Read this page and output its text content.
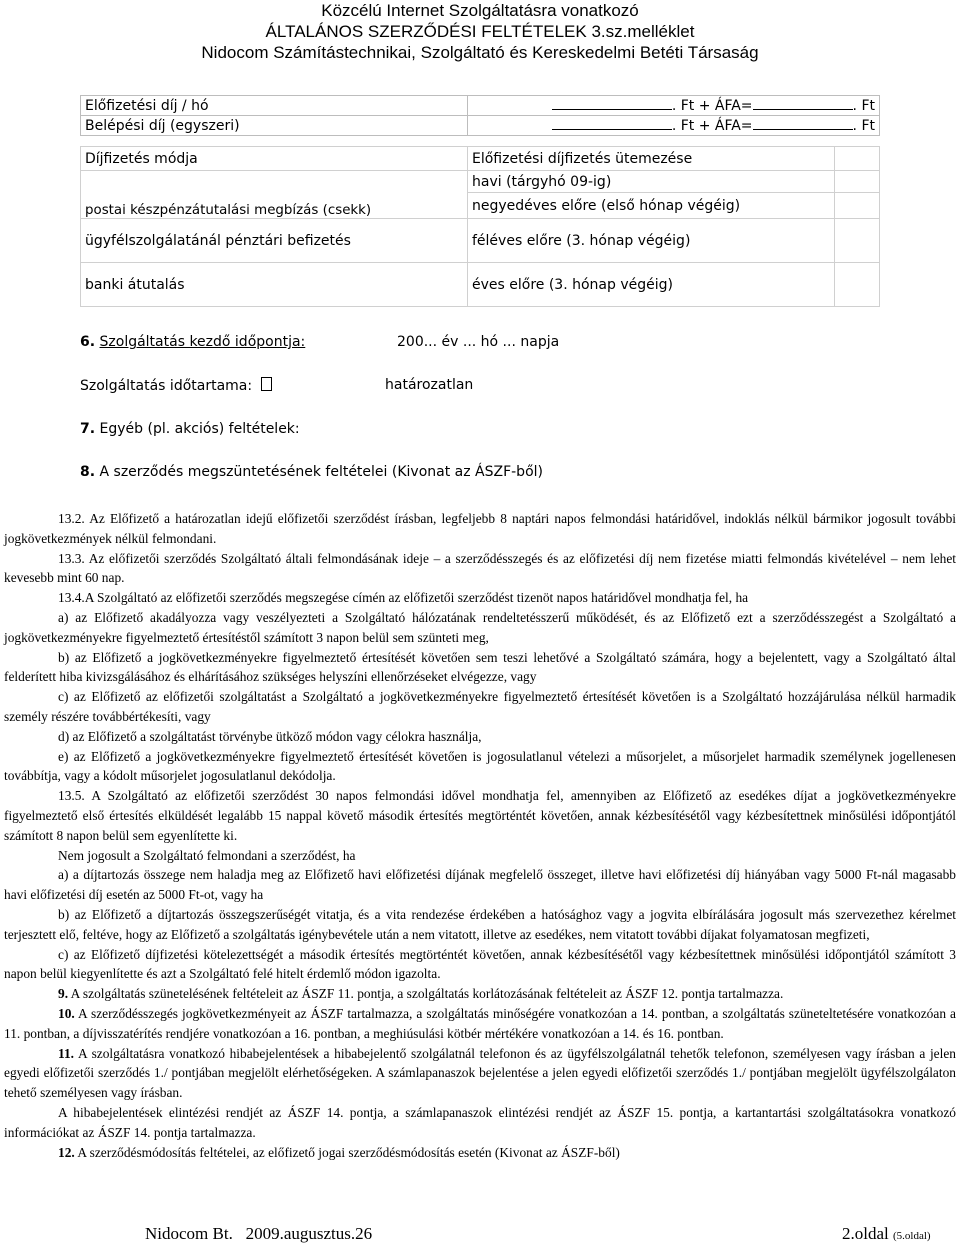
Közcélú Internet Szolgáltatásra vonatkozó
ÁLTALÁNOS SZERZŐDÉSI FELTÉTELEK 3.sz.melléklet
Nidocom Számítástechnikai, Szolgáltató és Kereskedelmi Betéti Társaság
Előfizetési díj / hó	. Ft + ÁFA= . Ft
Belépési díj (egyszeri)	. Ft + ÁFA= . Ft
Díjfizetés módja	Előfizetési díjfizetés ütemezése	
postai készpénzátutalási megbízás (csekk)	havi (tárgyhó 09-ig)	
	negyedéves előre (első hónap végéig)	
ügyfélszolgálatánál pénztári befizetés	féléves előre (3. hónap végéig)	
banki átutalás	éves előre (3. hónap végéig)	
6. Szolgáltatás kezdő időpontja:	200... év ... hó ... napja
Szolgáltatás időtartama:	határozatlan
7. Egyéb (pl. akciós) feltételek:
8. A szerződés megszüntetésének feltételei (Kivonat az ÁSZF-ből)

13.2. Az Előfizető a határozatlan idejű előfizetői szerződést írásban, legfeljebb 8 naptári napos felmondási határidővel, indoklás nélkül bármikor jogosult további jogkövetkezmények nélkül felmondani.

13.3. Az előfizetői szerződés Szolgáltató általi felmondásának ideje – a szerződésszegés és az előfizetési díj nem fizetése miatti felmondás kivételével – nem lehet kevesebb mint 60 nap.

13.4.A Szolgáltató az előfizetői szerződés megszegése címén az előfizetői szerződést tizenöt napos határidővel mondhatja fel, ha

a) az Előfizető akadályozza vagy veszélyezteti a Szolgáltató hálózatának rendeltetésszerű működését, és az Előfizető ezt a szerződésszegést a Szolgáltató a jogkövetkezményekre figyelmeztető értesítéstől számított 3 napon belül sem szünteti meg,

b) az Előfizető a jogkövetkezményekre figyelmeztető értesítését követően sem teszi lehetővé a Szolgáltató számára, hogy a bejelentett, vagy a Szolgáltató által felderített hiba kivizsgálásához és elhárításához szükséges helyszíni ellenőrzéseket elvégezze, vagy

c) az Előfizető az előfizetői szolgáltatást a Szolgáltató a jogkövetkezményekre figyelmeztető értesítését követően is a Szolgáltató hozzájárulása nélkül harmadik személy részére továbbértékesíti, vagy

d) az Előfizető a szolgáltatást törvénybe ütköző módon vagy célokra használja,

e) az Előfizető a jogkövetkezményekre figyelmeztető értesítését követően is jogosulatlanul vételezi a műsorjelet, a műsorjelet harmadik személynek jogellenesen továbbítja, vagy a kódolt műsorjelet jogosulatlanul dekódolja.

13.5. A Szolgáltató az előfizetői szerződést 30 napos felmondási idővel mondhatja fel, amennyiben az Előfizető az esedékes díjat a jogkövetkezményekre figyelmeztető első értesítés elküldését legalább 15 nappal követő második értesítés megtörténtét követően, annak kézbesítésétől vagy kézbesítettnek minősülési időpontjától számított 8 napon belül sem egyenlítette ki.

Nem jogosult a Szolgáltató felmondani a szerződést, ha

a) a díjtartozás összege nem haladja meg az Előfizető havi előfizetési díjának megfelelő összeget, illetve havi előfizetési díj hiányában vagy 5000 Ft-nál magasabb havi előfizetési díj esetén az 5000 Ft-ot, vagy ha

b) az Előfizető a díjtartozás összegszerűségét vitatja, és a vita rendezése érdekében a hatósághoz vagy a jogvita elbírálására jogosult más szervezethez kérelmet terjesztett elő, feltéve, hogy az Előfizető a szolgáltatás igénybevétele után a nem vitatott, illetve az esedékes, nem vitatott további díjakat folyamatosan megfizeti,

c) az Előfizető díjfizetési kötelezettségét a második értesítés megtörténtét követően, annak kézbesítésétől vagy kézbesítettnek minősülési időpontjától számított 3 napon belül kiegyenlítette és azt a Szolgáltató felé hitelt érdemlő módon igazolta.

9. A szolgáltatás szünetelésének feltételeit az ÁSZF 11. pontja, a szolgáltatás korlátozásának feltételeit az ÁSZF 12. pontja tartalmazza.

10. A szerződésszegés jogkövetkezményeit az ÁSZF tartalmazza, a szolgáltatás minőségére vonatkozóan a 14. pontban, a szolgáltatás szüneteltetésére vonatkozóan a 11. pontban, a díjvisszatérítés rendjére vonatkozóan a 16. pontban, a meghiúsulási kötbér mértékére vonatkozóan a 14. és 16. pontban.

11. A szolgáltatásra vonatkozó hibabejelentések a hibabejelentő szolgálatnál telefonon és az ügyfélszolgálatnál tehetők telefonon, személyesen vagy írásban a jelen egyedi előfizetői szerződés 1./ pontjában megjelölt elérhetőségeken. A számlapanaszok bejelentése a jelen egyedi előfizetői szerződés 1./ pontjában megjelölt ügyfélszolgálaton tehető személyesen vagy írásban.

A hibabejelentések elintézési rendjét az ÁSZF 14. pontja, a számlapanaszok elintézési rendjét az ÁSZF 15. pontja, a kartantartási szolgáltatásokra vonatkozó információkat az ÁSZF 14. pontja tartalmazza.

12. A szerződésmódosítás feltételei, az előfizető jogai szerződésmódosítás esetén (Kivonat az ÁSZF-ből)

Nidocom Bt.   2009.augusztus.26	2.oldal (5.oldal)
